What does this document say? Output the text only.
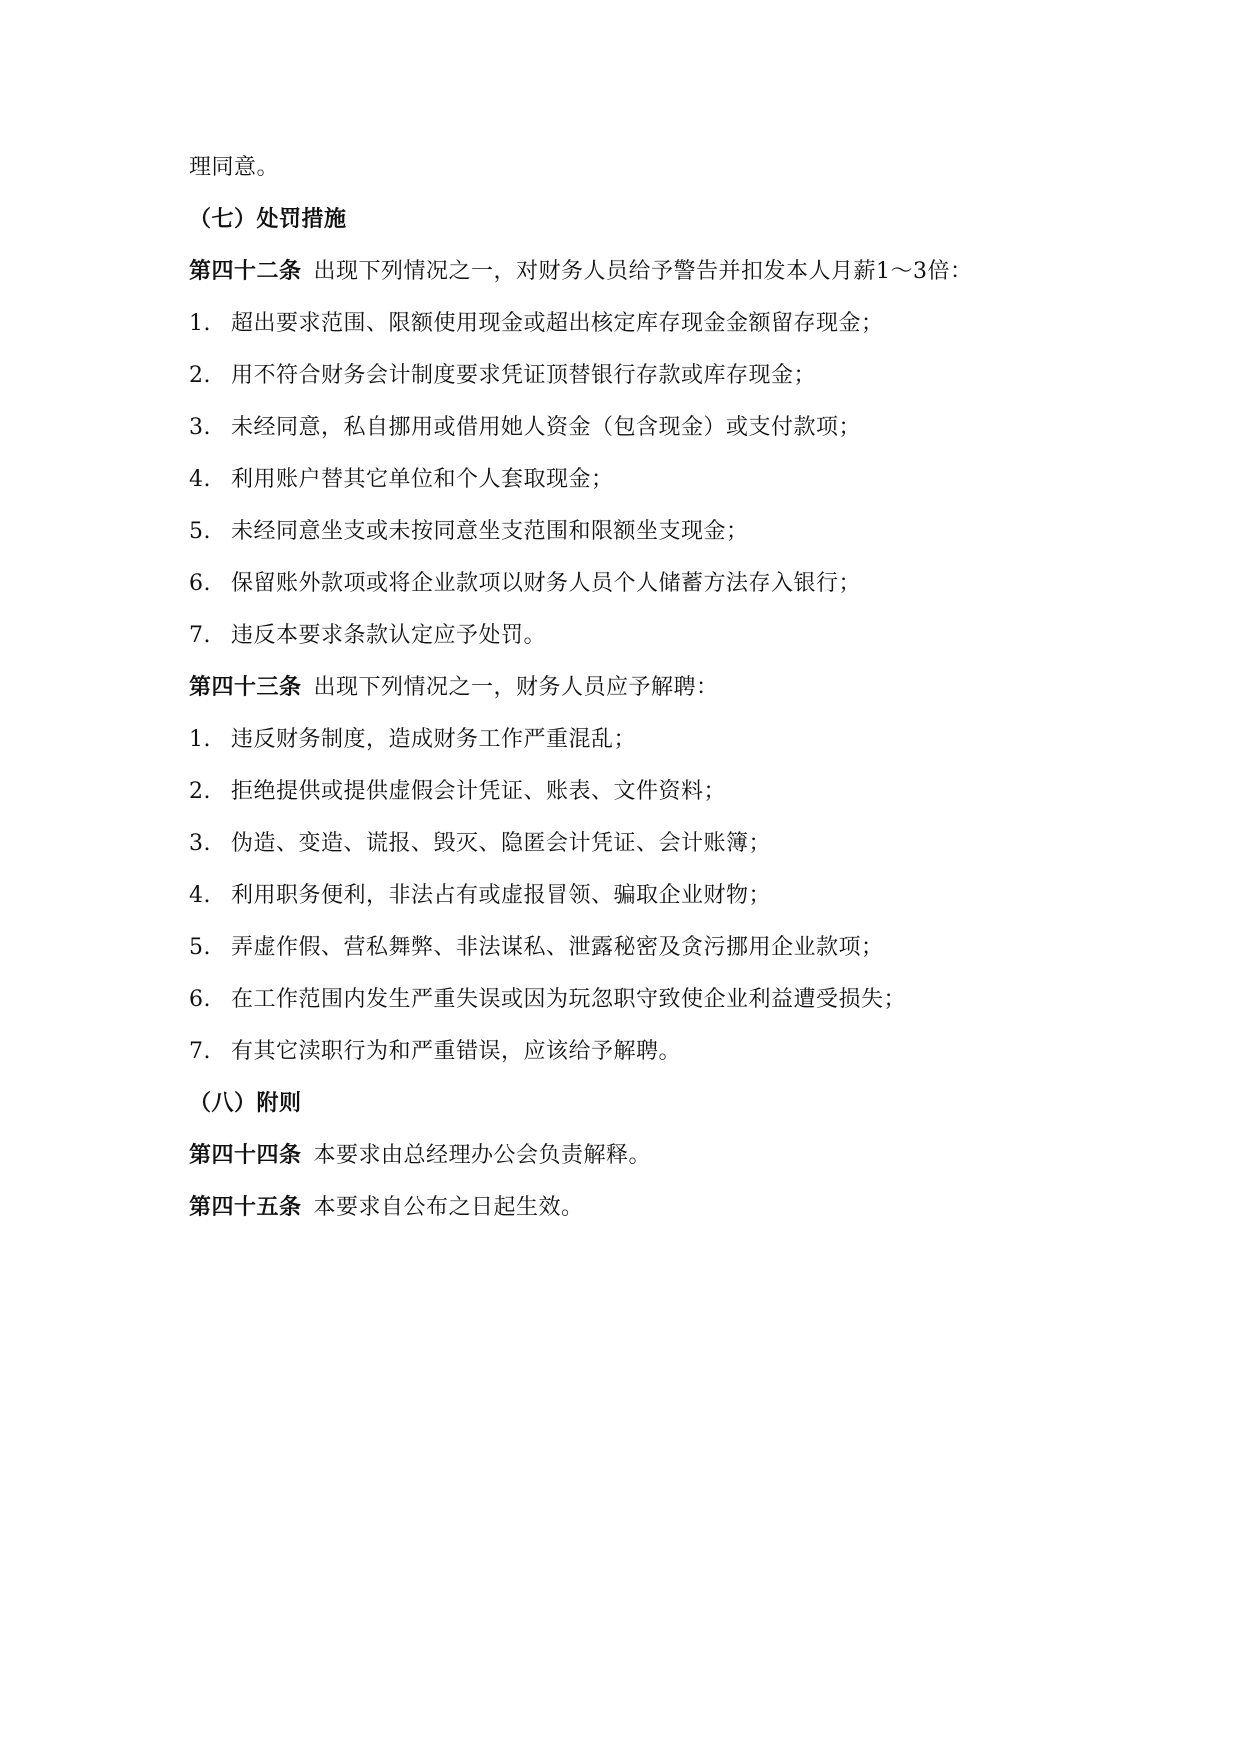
理同意。
（七）处罚措施
第四十二条 出现下列情况之一，对财务人员给予警告并扣发本人月薪1～3倍：
1. 超出要求范围、限额使用现金或超出核定库存现金金额留存现金；
2. 用不符合财务会计制度要求凭证顶替银行存款或库存现金；
3. 未经同意，私自挪用或借用她人资金（包含现金）或支付款项；
4. 利用账户替其它单位和个人套取现金；
5. 未经同意坐支或未按同意坐支范围和限额坐支现金；
6. 保留账外款项或将企业款项以财务人员个人储蓄方法存入银行；
7. 违反本要求条款认定应予处罚。
第四十三条 出现下列情况之一，财务人员应予解聘：
1. 违反财务制度，造成财务工作严重混乱；
2. 拒绝提供或提供虚假会计凭证、账表、文件资料；
3. 伪造、变造、谎报、毁灭、隐匿会计凭证、会计账簿；
4. 利用职务便利，非法占有或虚报冒领、骗取企业财物；
5. 弄虚作假、营私舞弊、非法谋私、泄露秘密及贪污挪用企业款项；
6. 在工作范围内发生严重失误或因为玩忽职守致使企业利益遭受损失；
7. 有其它渎职行为和严重错误，应该给予解聘。
（八）附则
第四十四条 本要求由总经理办公会负责解释。
第四十五条 本要求自公布之日起生效。
